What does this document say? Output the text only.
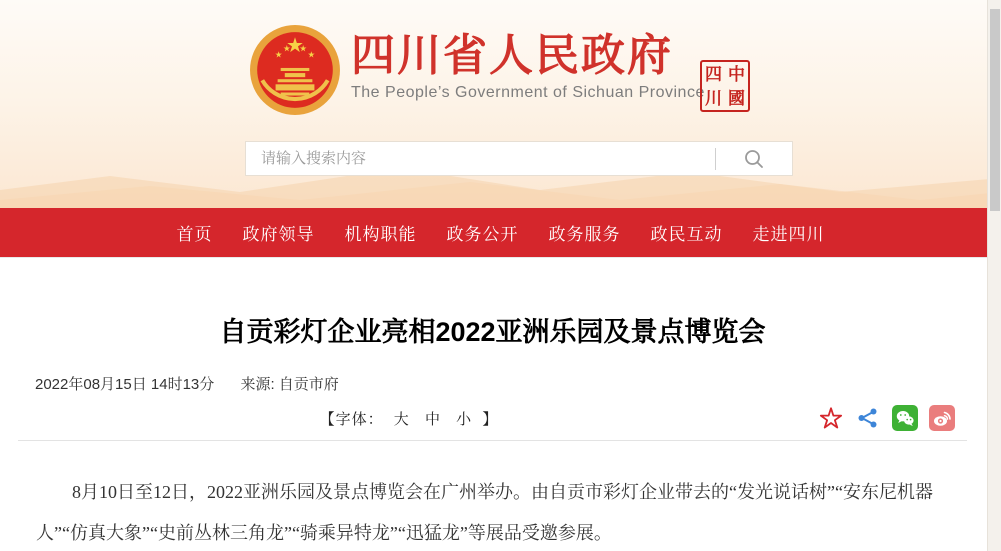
四川省人民政府
The People’s Government of Sichuan Province
四 中
川 國
请输入搜索内容
首页 政府领导 机构职能 政务公开 政务服务 政民互动 走进四川
自贡彩灯企业亮相2022亚洲乐园及景点博览会
2022年08月15日 14时13分 来源: 自贡市府
【字体： 大 中 小 】

8月10日至12日，2022亚洲乐园及景点博览会在广州举办。由自贡市彩灯企业带去的“发光说话树”“安东尼机器人”“仿真大象”“史前丛林三角龙”“骑乘异特龙”“迅猛龙”等展品受邀参展。
